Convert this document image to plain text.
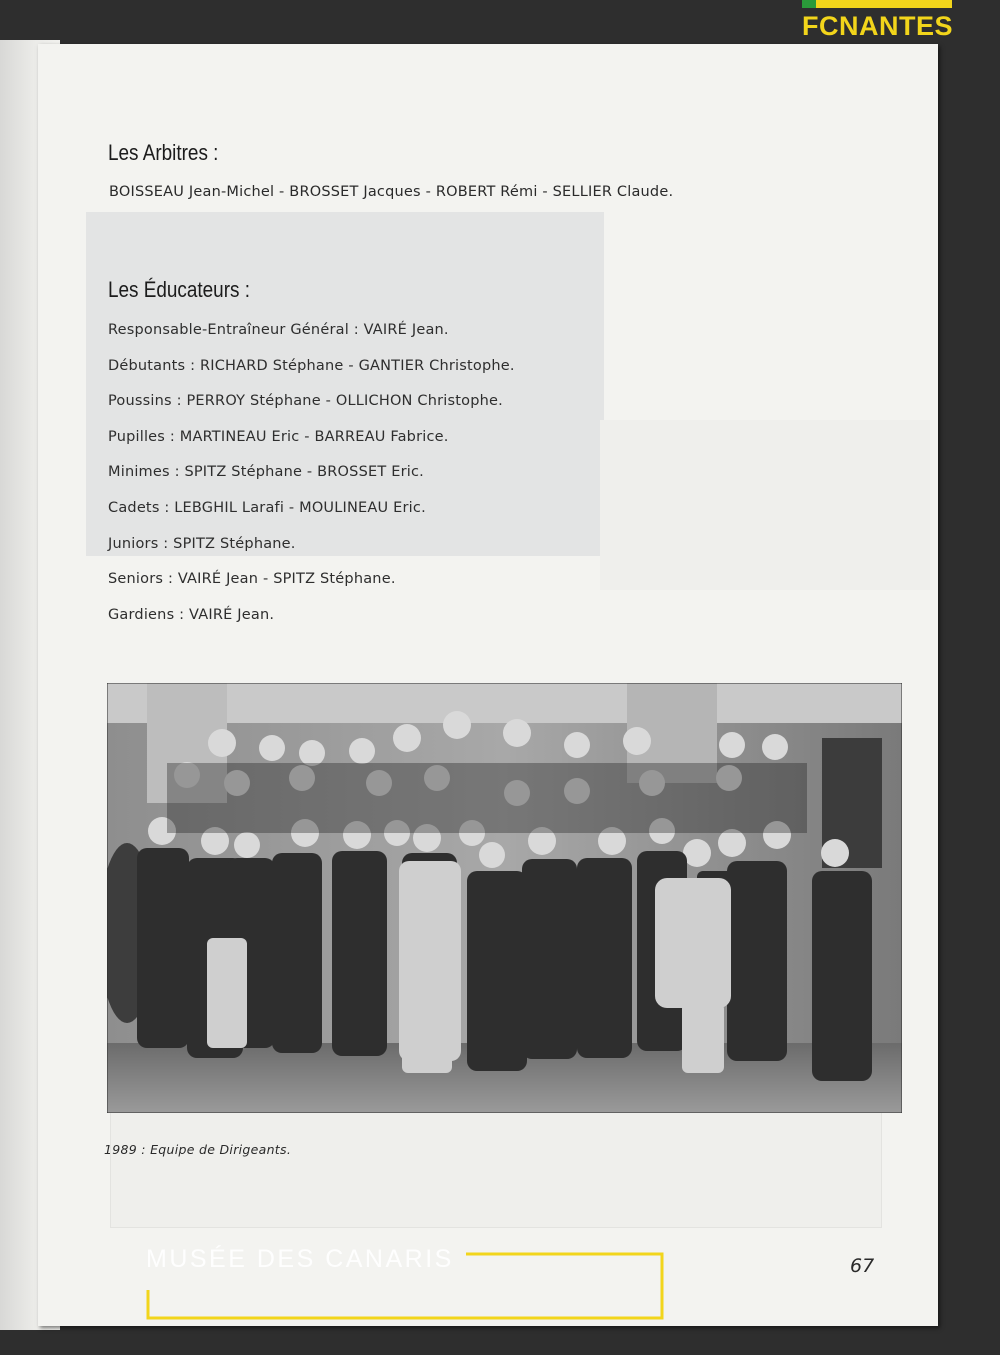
FCNANTES
Les Arbitres :

BOISSEAU Jean-Michel - BROSSET Jacques - ROBERT Rémi - SELLIER Claude.

Les Éducateurs :

Responsable-Entraîneur Général : VAIRÉ Jean.

Débutants : RICHARD Stéphane - GANTIER Christophe.

Poussins : PERROY Stéphane - OLLICHON Christophe.

Pupilles : MARTINEAU Eric - BARREAU Fabrice.

Minimes : SPITZ Stéphane - BROSSET Eric.

Cadets : LEBGHIL Larafi - MOULINEAU Eric.

Juniors : SPITZ Stéphane.

Seniors : VAIRÉ Jean - SPITZ Stéphane.

Gardiens : VAIRÉ Jean.

1989 : Equipe de Dirigeants.

67

MUSÉE DES CANARIS
